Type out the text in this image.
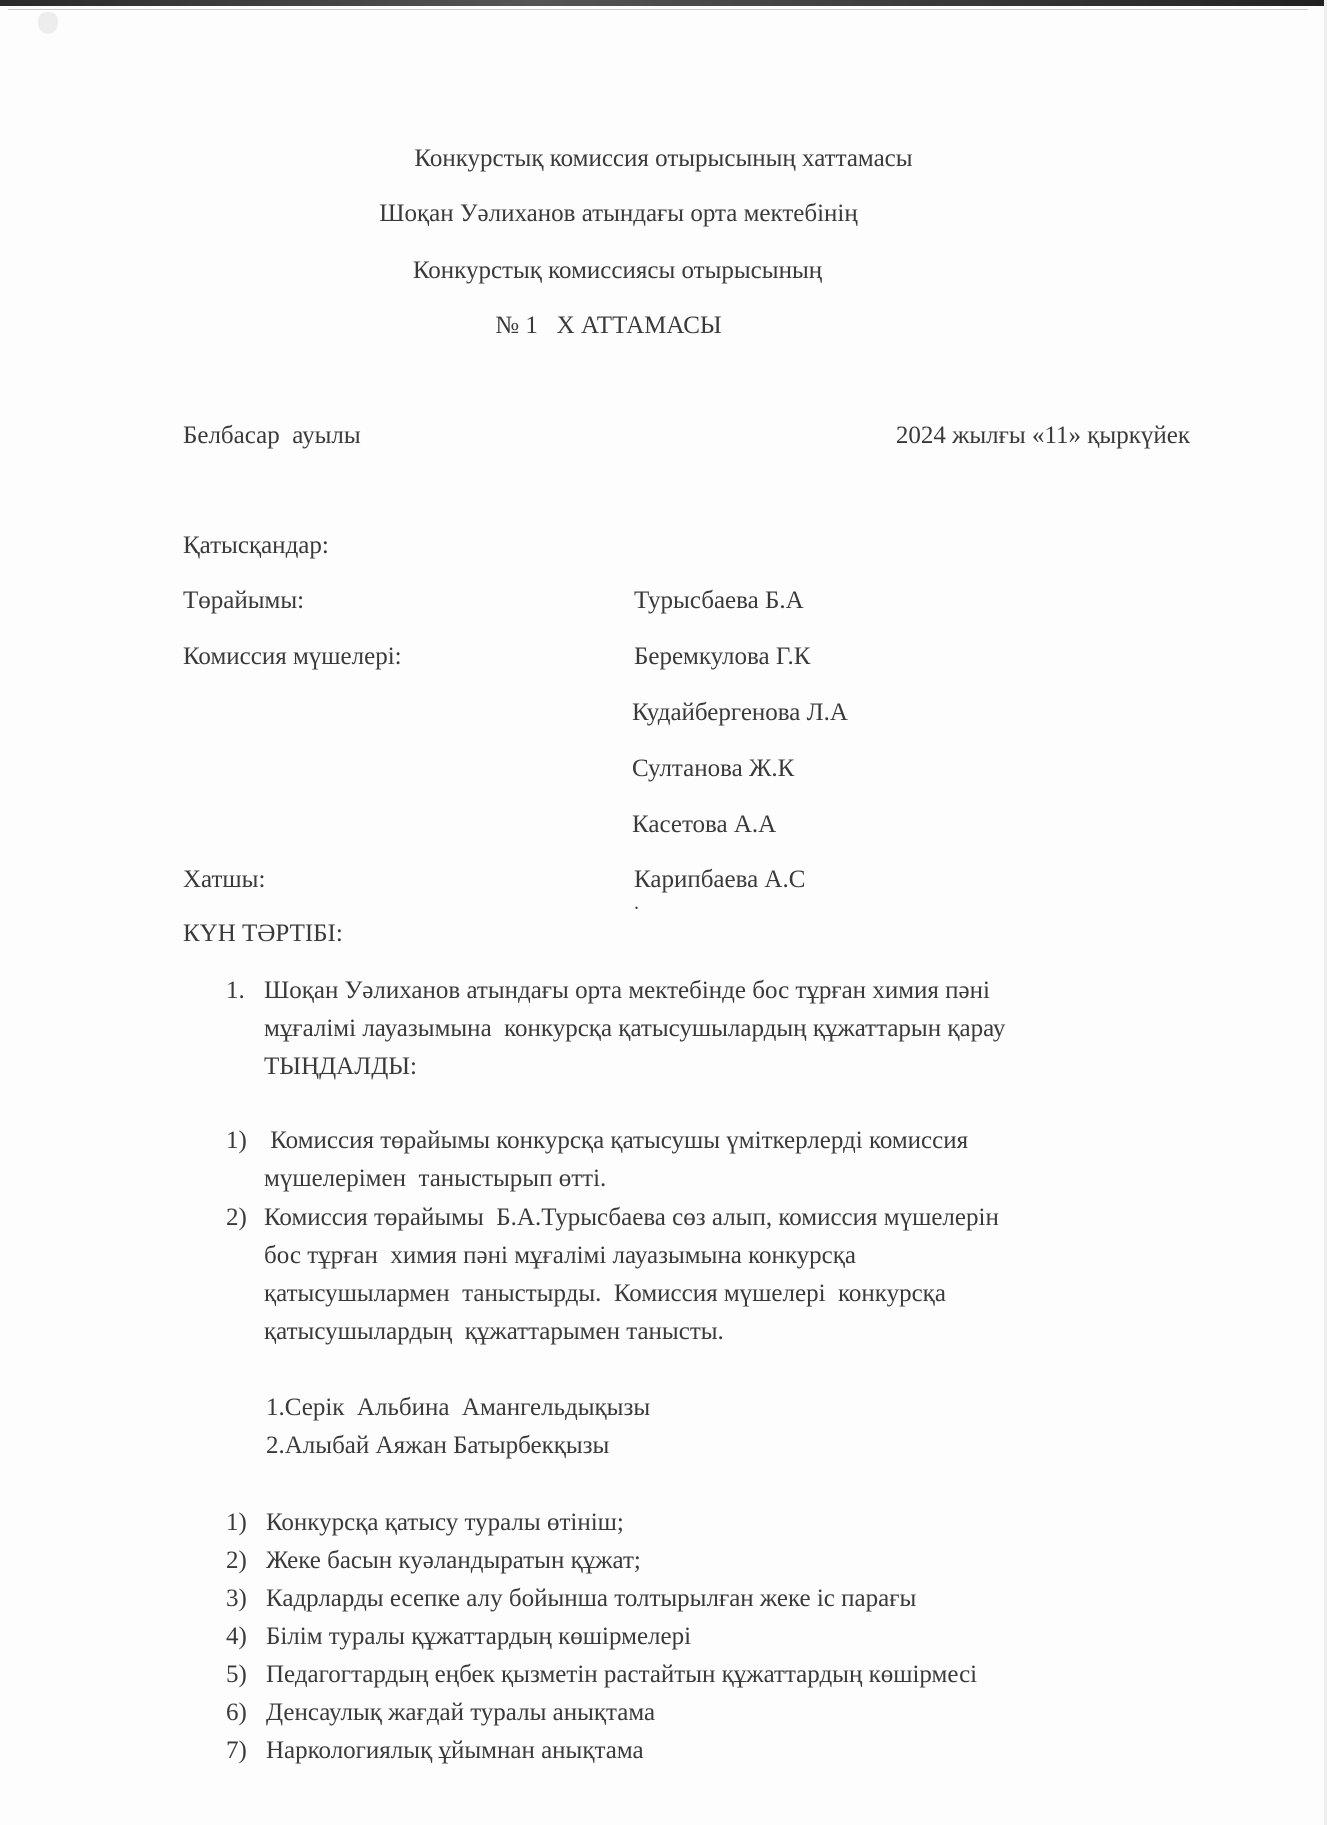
Конкурстық комиссия отырысының хаттамасы
Шоқан Уәлиханов атындағы орта мектебінің
Конкурстық комиссиясы отырысының
№ 1   Х АТТАМАСЫ
Белбасар  ауылы	2024 жылғы «11» қыркүйек
Қатысқандар:
Төрайымы:	Турысбаева Б.А
Комиссия мүшелері:	Беремкулова Г.К
Кудайбергенова Л.А
Султанова Ж.К
Касетова А.А
Хатшы:	Карипбаева А.С
.
КҮН ТӘРТІБІ:
1. Шоқан Уәлиханов атындағы орта мектебінде бос тұрған химия пәні
мұғалімі лауазымына  конкурсқа қатысушылардың құжаттарын қарау
ТЫҢДАЛДЫ:
1) Комиссия төрайымы конкурсқа қатысушы үміткерлерді комиссия
мүшелерімен  таныстырып өтті.
2) Комиссия төрайымы  Б.А.Турысбаева сөз алып, комиссия мүшелерін
бос тұрған  химия пәні мұғалімі лауазымына конкурсқа
қатысушылармен  таныстырды.  Комиссия мүшелері  конкурсқа
қатысушылардың  құжаттарымен танысты.
1.Серік  Альбина  Амангельдықызы
2.Алыбай Аяжан Батырбекқызы
1) Конкурсқа қатысу туралы өтініш;
2) Жеке басын куәландыратын құжат;
3) Кадрларды есепке алу бойынша толтырылған жеке іс парағы
4) Білім туралы құжаттардың көшірмелері
5) Педагогтардың еңбек қызметін растайтын құжаттардың көшірмесі
6) Денсаулық жағдай туралы анықтама
7) Наркологиялық ұйымнан анықтама
